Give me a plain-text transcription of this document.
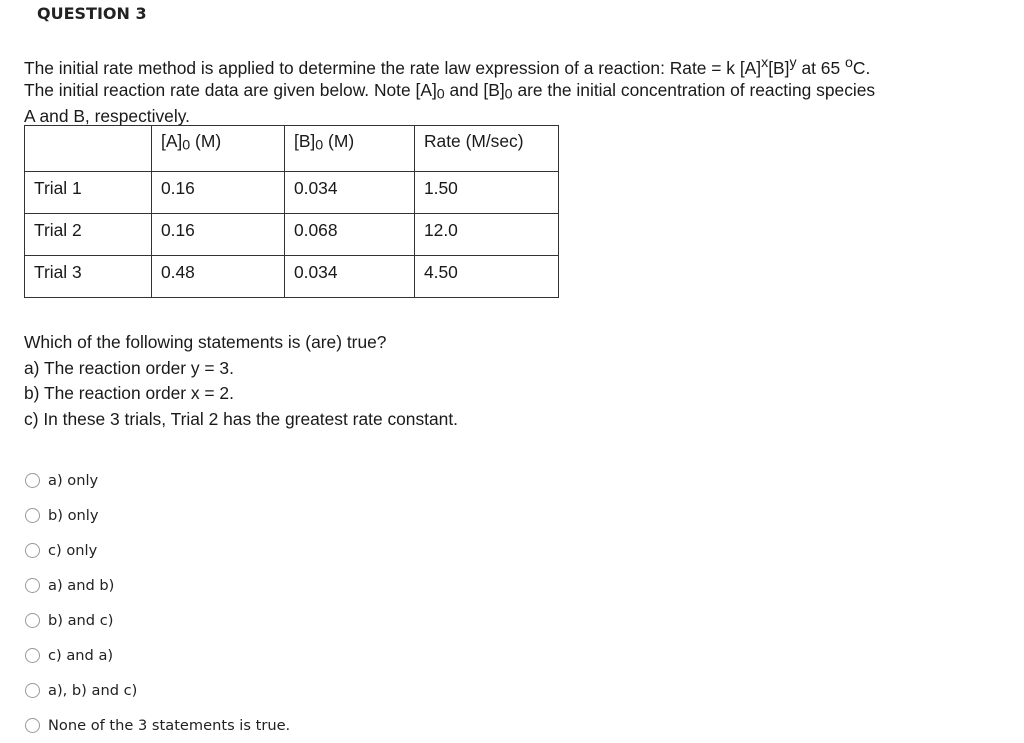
QUESTION 3

The initial rate method is applied to determine the rate law expression of a reaction: Rate = k $[A]^x[B]^y$ at 65 $^o$C.

The initial reaction rate data are given below. Note [A]0 and [B]0 are the initial concentration of reacting species

A and B, respectively.

	[A]0 (M)	[B]0 (M)	Rate (M/sec)
Trial 1	0.16	0.034	1.50
Trial 2	0.16	0.068	12.0
Trial 3	0.48	0.034	4.50

Which of the following statements is (are) true?

a) The reaction order y = 3.

b) The reaction order x = 2.

c) In these 3 trials, Trial 2 has the greatest rate constant.

a) only
b) only
c) only
a) and b)
b) and c)
c) and a)
a), b) and c)
None of the 3 statements is true.
